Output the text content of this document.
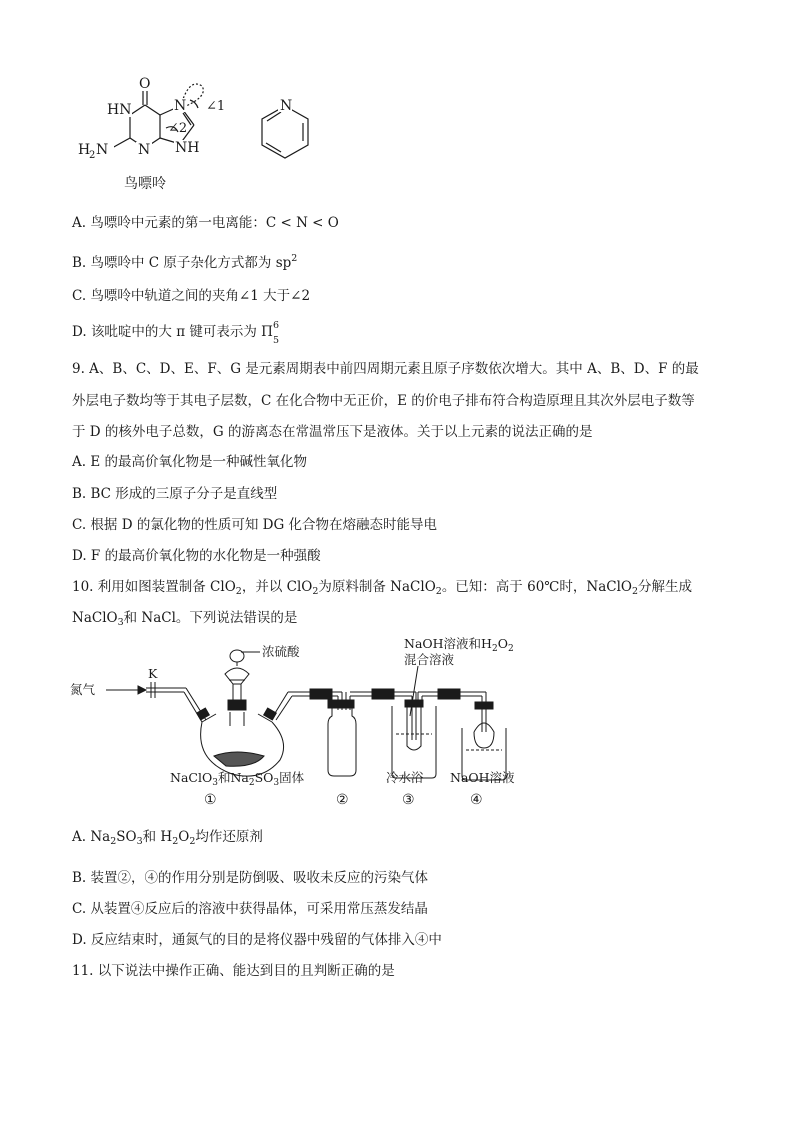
O
HN	N
N NH
H
2 N
∠1
∠2
N
鸟嘌呤
A. 鸟嘌呤中元素的第一电离能：C < N < O
B. 鸟嘌呤中 C 原子杂化方式都为 $sp^2$
C. 鸟嘌呤中轨道之间的夹角∠1 大于∠2
D. 该吡啶中的大 π 键可表示为 Π 6
5
9. A、B、C、D、E、F、G 是元素周期表中前四周期元素且原子序数依次增大。其中 A、B、D、F 的最
外层电子数均等于其电子层数，C 在化合物中无正价，E 的价电子排布符合构造原理且其次外层电子数等
于 D 的核外电子总数，G 的游离态在常温常压下是液体。关于以上元素的说法正确的是
A. E 的最高价氧化物是一种碱性氧化物
B. BC 形成的三原子分子是直线型
C. 根据 D 的氯化物的性质可知 DG 化合物在熔融态时能导电
D. F 的最高价氧化物的水化物是一种强酸
10. 利用如图装置制备 ClO$_2$，并以 ClO$_2$为原料制备 NaClO$_2$。已知：高于 60℃时，NaClO$_2$分解生成
NaClO$_3$和 NaCl。下列说法错误的是
氮气
K
浓硫酸
NaOH溶液和$H_2O_2$
混合溶液
NaClO$_3$和$Na_2SO_3$固体	冷水浴 NaOH溶液
①	②	③	④
A. $Na_2SO_3$和 $H_2O_2$均作还原剂
B. 装置②，④的作用分别是防倒吸、吸收未反应的污染气体
C. 从装置④反应后的溶液中获得晶体，可采用常压蒸发结晶
D. 反应结束时，通氮气的目的是将仪器中残留的气体排入④中
11. 以下说法中操作正确、能达到目的且判断正确的是
